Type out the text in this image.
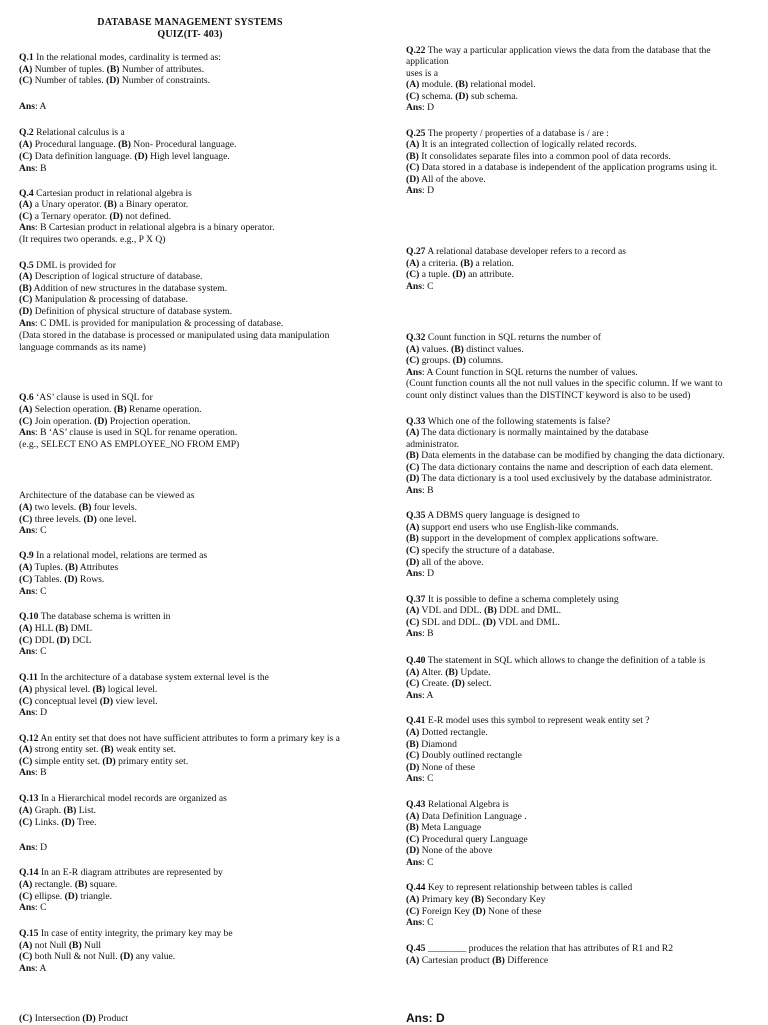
DATABASE MANAGEMENT SYSTEMS
QUIZ(IT- 403)
Q.1 In the relational modes, cardinality is termed as:
(A) Number of tuples. (B) Number of attributes.
(C) Number of tables. (D) Number of constraints.
Ans: A
Q.2 Relational calculus is a
(A) Procedural language. (B) Non- Procedural language.
(C) Data definition language. (D) High level language.
Ans: B
Q.4 Cartesian product in relational algebra is
(A) a Unary operator. (B) a Binary operator.
(C) a Ternary operator. (D) not defined.
Ans: B Cartesian product in relational algebra is a binary operator.
(It requires two operands. e.g., P X Q)
Q.5 DML is provided for
(A) Description of logical structure of database.
(B) Addition of new structures in the database system.
(C) Manipulation & processing of database.
(D) Definition of physical structure of database system.
Ans: C DML is provided for manipulation & processing of database.
(Data stored in the database is processed or manipulated using data manipulation
language commands as its name)
Q.6 ‘AS’ clause is used in SQL for
(A) Selection operation. (B) Rename operation.
(C) Join operation. (D) Projection operation.
Ans: B ‘AS’ clause is used in SQL for rename operation.
(e.g., SELECT ENO AS EMPLOYEE_NO FROM EMP)
Architecture of the database can be viewed as
(A) two levels. (B) four levels.
(C) three levels. (D) one level.
Ans: C
Q.9 In a relational model, relations are termed as
(A) Tuples. (B) Attributes
(C) Tables. (D) Rows.
Ans: C
Q.10 The database schema is written in
(A) HLL (B) DML
(C) DDL (D) DCL
Ans: C
Q.11 In the architecture of a database system external level is the
(A) physical level. (B) logical level.
(C) conceptual level (D) view level.
Ans: D
Q.12 An entity set that does not have sufficient attributes to form a primary key is a
(A) strong entity set. (B) weak entity set.
(C) simple entity set. (D) primary entity set.
Ans: B
Q.13 In a Hierarchical model records are organized as
(A) Graph. (B) List.
(C) Links. (D) Tree.
Ans: D
Q.14 In an E-R diagram attributes are represented by
(A) rectangle. (B) square.
(C) ellipse. (D) triangle.
Ans: C
Q.15 In case of entity integrity, the primary key may be
(A) not Null (B) Null
(C) both Null & not Null. (D) any value.
Ans: A
(C) Intersection (D) Product
Q.22 The way a particular application views the data from the database that the
application
uses is a
(A) module. (B) relational model.
(C) schema. (D) sub schema.
Ans: D
Q.25 The property / properties of a database is / are :
(A) It is an integrated collection of logically related records.
(B) It consolidates separate files into a common pool of data records.
(C) Data stored in a database is independent of the application programs using it.
(D) All of the above.
Ans: D
Q.27 A relational database developer refers to a record as
(A) a criteria. (B) a relation.
(C) a tuple. (D) an attribute.
Ans: C
Q.32 Count function in SQL returns the number of
(A) values. (B) distinct values.
(C) groups. (D) columns.
Ans: A Count function in SQL returns the number of values.
(Count function counts all the not null values in the specific column. If we want to
count only distinct values than the DISTINCT keyword is also to be used)
Q.33 Which one of the following statements is false?
(A) The data dictionary is normally maintained by the database
administrator.
(B) Data elements in the database can be modified by changing the data dictionary.
(C) The data dictionary contains the name and description of each data element.
(D) The data dictionary is a tool used exclusively by the database administrator.
Ans: B
Q.35 A DBMS query language is designed to
(A) support end users who use English-like commands.
(B) support in the development of complex applications software.
(C) specify the structure of a database.
(D) all of the above.
Ans: D
Q.37 It is possible to define a schema completely using
(A) VDL and DDL. (B) DDL and DML.
(C) SDL and DDL. (D) VDL and DML.
Ans: B
Q.40 The statement in SQL which allows to change the definition of a table is
(A) Alter. (B) Update.
(C) Create. (D) select.
Ans: A
Q.41 E-R model uses this symbol to represent weak entity set ?
(A) Dotted rectangle.
(B) Diamond
(C) Doubly outlined rectangle
(D) None of these
Ans: C
Q.43 Relational Algebra is
(A) Data Definition Language .
(B) Meta Language
(C) Procedural query Language
(D) None of the above
Ans: C
Q.44 Key to represent relationship between tables is called
(A) Primary key (B) Secondary Key
(C) Foreign Key (D) None of these
Ans: C
Q.45 ________ produces the relation that has attributes of R1 and R2
(A) Cartesian product (B) Difference
Ans: D
